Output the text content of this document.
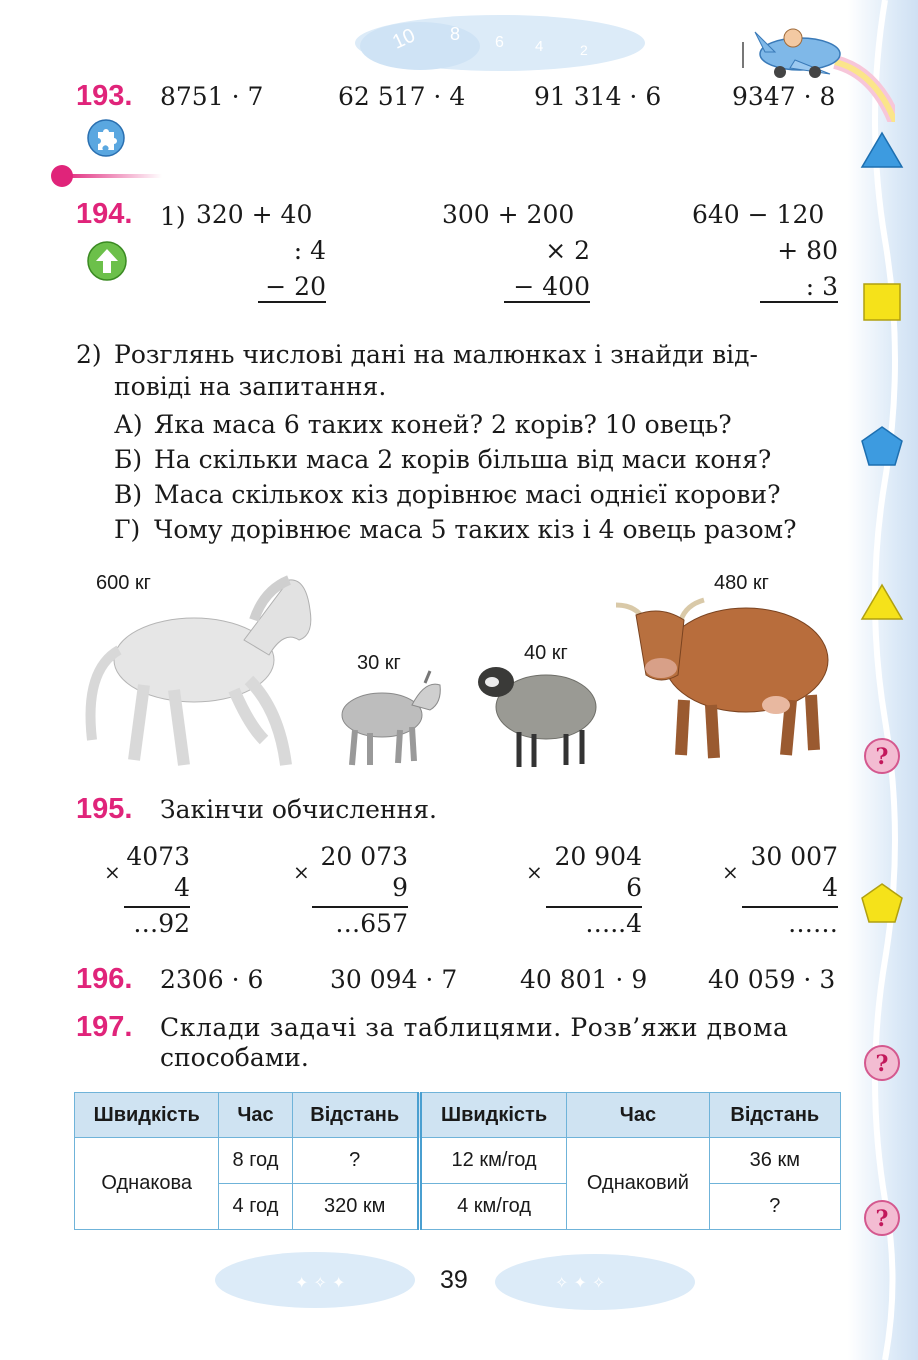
?
?
?
10 8 6 4	2
193. 8751 · 7	62 517 · 4	91 314 · 6	9347 · 8
194. 1) 320 + 40
: 4
− 20
300 + 200
× 2
− 400
640 − 120
+ 80
: 3
2) Розглянь числові дані на малюнках і знайди від-
повіді на запитання.
А) Яка маса 6 таких коней? 2 корів? 10 овець?
Б) На скільки маса 2 корів більша від маси коня?
В) Маса скількох кіз дорівнює масі однієї корови?
Г) Чому дорівнює маса 5 таких кіз і 4 овець разом?
600 кг
30 кг	40 кг
480 кг
195. Закінчи обчислення.
×
4073
4
…92
×
20 073
9
…657
×
20 904
6
…..4
×
30 007
4
……
196. 2306 · 6	30 094 · 7	40 801 · 9 40 059 · 3
197. Склади задачі за таблицями. Розв’яжи двома
способами.
Швидкість	Час	Відстань	Швидкість	Час	Відстань
Однакова	8 год	?	12 км/год	Однаковий	36 км
	4 год	320 км	4 км/год		?
✦ ✧ ✦	✧ ✦ ✧
39
